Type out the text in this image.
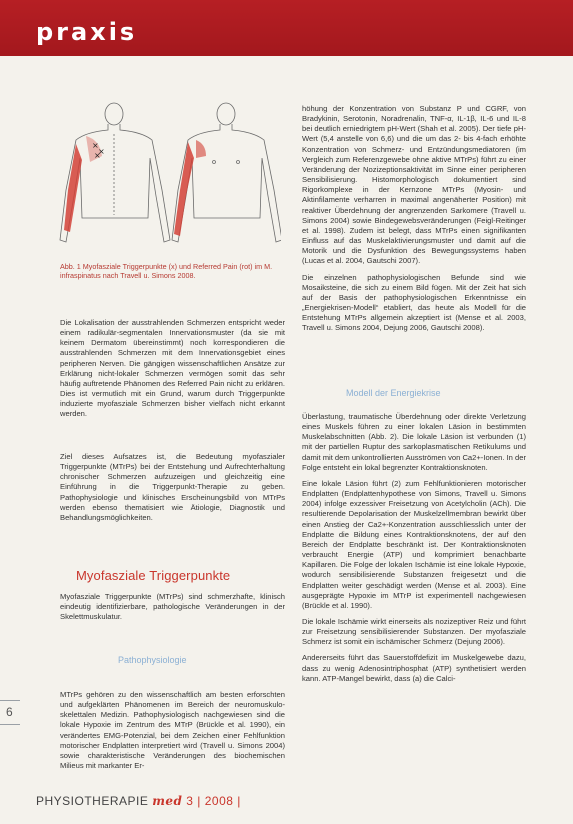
praxis
×
×
×
Abb. 1 Myofasziale Triggerpunkte (x) und Referred Pain (rot) im M. infraspinatus nach Travell u. Simons 2008.

Die Lokalisation der ausstrahlenden Schmerzen entspricht weder einem radikulär-segmentalen Innervationsmuster (da sie mit keinem Dermatom übereinstimmt) noch korrespondieren die ausstrahlenden Schmerzen mit dem Innervationsgebiet eines peripheren Nerven. Die gängigen wissenschaftlichen Ansätze zur Erklärung nicht-lokaler Schmerzen vermögen somit das sehr häufig auftretende Phänomen des Referred Pain nicht zu erklären. Dies ist vermutlich mit ein Grund, warum durch Triggerpunkte induzierte myofasziale Schmerzen bisher vielfach nicht erkannt werden.

Ziel dieses Aufsatzes ist, die Bedeutung myofaszialer Triggerpunkte (MTrPs) bei der Entstehung und Aufrechterhaltung chronischer Schmerzen aufzuzeigen und gleichzeitig eine Einführung in die Triggerpunkt-Therapie zu geben. Pathophysiologie und klinisches Erscheinungsbild von MTrPs werden ebenso thematisiert wie Ätiologie, Diagnostik und Behandlungsmöglichkeiten.

Myofasziale Triggerpunkte

Myofasziale Triggerpunkte (MTrPs) sind schmerzhafte, klinisch eindeutig identifizierbare, pathologische Veränderungen in der Skelettmuskulatur.

Pathophysiologie

MTrPs gehören zu den wissenschaftlich am besten erforschten und aufgeklärten Phänomenen im Bereich der neuromuskulo-skelettalen Medizin. Pathophysiologisch nachgewiesen sind die lokale Hypoxie im Zentrum des MTrP (Brückle et al. 1990), ein verändertes EMG-Potenzial, bei dem Zeichen einer Fehlfunktion motorischer Endplatten interpretiert wird (Travell u. Simons 2004) sowie charakteristische Veränderungen des biochemischen Milieus mit markanter Er-

höhung der Konzentration von Substanz P und CGRF, von Bradykinin, Serotonin, Noradrenalin, TNF-α, IL-1β, IL-6 und IL-8 bei deutlich erniedrigtem pH-Wert (Shah et al. 2005). Der tiefe pH-Wert (5,4 anstelle von 6,6) und die um das 2- bis 4-fach erhöhte Konzentration von Schmerz- und Entzündungsmediatoren (im Vergleich zum Referenzgewebe ohne aktive MTrPs) führt zu einer Veränderung der Nozizeptionsaktivität im Sinne einer peripheren Sensibilisierung. Histomorphologisch dokumentiert sind Rigorkomplexe in der Kernzone MTrPs (Myosin- und Aktinfilamente verharren in maximal angenäherter Position) mit reaktiver Überdehnung der angrenzenden Sarkomere (Travell u. Simons 2004) sowie Bindegewebsveränderungen (Feigl-Reitinger et al. 1998). Zudem ist belegt, dass MTrPs einen signifikanten Einfluss auf das Muskelaktivierungsmuster und damit auf die Motorik und die Dysfunktion des Bewegungssystems haben (Lucas et al. 2004, Gautschi 2007).

Die einzelnen pathophysiologischen Befunde sind wie Mosaiksteine, die sich zu einem Bild fügen. Mit der Zeit hat sich auf der Basis der pathophysiologischen Erkenntnisse ein „Energiekrisen-Modell“ etabliert, das heute als Modell für die Entstehung MTrPs allgemein akzeptiert ist (Mense et al. 2003, Travell u. Simons 2004, Dejung 2006, Gautschi 2008).

Modell der Energiekrise

Überlastung, traumatische Überdehnung oder direkte Verletzung eines Muskels führen zu einer lokalen Läsion in bestimmten Muskelabschnitten (Abb. 2). Die lokale Läsion ist verbunden (1) mit der partiellen Ruptur des sarkoplasmatischen Retikulums und damit mit dem unkontrollierten Ausströmen von Ca2+-Ionen. In der Folge entsteht ein lokal begrenzter Kontraktionsknoten.

Eine lokale Läsion führt (2) zum Fehlfunktionieren motorischer Endplatten (Endplattenhypothese von Simons, Travell u. Simons 2004) infolge exzessiver Freisetzung von Acetylcholin (ACh). Die resultierende Depolarisation der Muskelzellmembran bewirkt über einen Anstieg der Ca2+-Konzentration ausschliesslich unter der Endplatte die Bildung eines Kontraktionsknotens, der auf den Bereich der Endplatte beschränkt ist. Der Kontraktionsknoten verbraucht Energie (ATP) und komprimiert benachbarte Kapillaren. Die Folge der lokalen Ischämie ist eine lokale Hypoxie, wodurch sensibilisierende Substanzen freigesetzt und die Endplatten weiter geschädigt werden (Mense et al. 2003). Eine ausgeprägte Hypoxie im MTrP ist experimentell nachgewiesen (Brückle et al. 1990).

Die lokale Ischämie wirkt einerseits als nozizeptiver Reiz und führt zur Freisetzung sensibilisierender Substanzen. Der myofasziale Schmerz ist somit ein ischämischer Schmerz (Dejung 2006).

Andererseits führt das Sauerstoffdefizit im Muskelgewebe dazu, dass zu wenig Adenosintriphosphat (ATP) synthetisiert werden kann. ATP-Mangel bewirkt, dass (a) die Calci-

6
PHYSIOTHERAPIE med 3 | 2008 |
